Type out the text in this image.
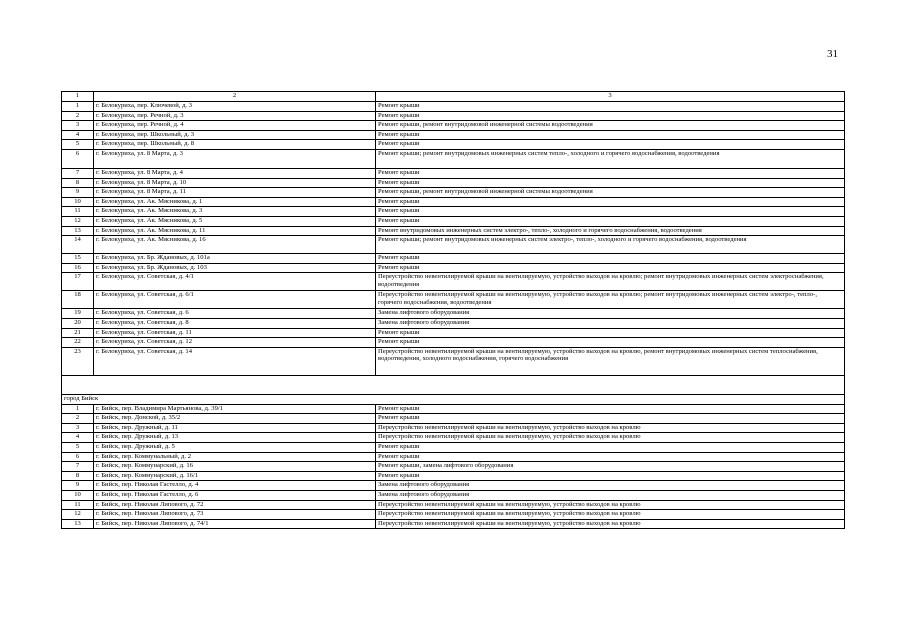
31
1	2	3
1	г. Белокуриха, пер. Ключевой, д. 3	Ремонт крыши
2	г. Белокуриха, пер. Речной, д. 3	Ремонт крыши
3	г. Белокуриха, пер. Речной, д. 4	Ремонт крыши, ремонт внутридомовой инженерной системы водоотведения
4	г. Белокуриха, пер. Школьный, д. 3	Ремонт крыши
5	г. Белокуриха, пер. Школьный, д. 8	Ремонт крыши
6	г. Белокуриха, ул. 8 Марта, д. 3	Ремонт крыши; ремонт внутридомовых инженерных систем тепло-, холодного и горячего водоснабжения, водоотведения
7	г. Белокуриха, ул. 8 Марта, д. 4	Ремонт крыши
8	г. Белокуриха, ул. 8 Марта, д. 10	Ремонт крыши
9	г. Белокуриха, ул. 8 Марта, д. 11	Ремонт крыши, ремонт внутридомовой инженерной системы водоотведения
10	г. Белокуриха, ул. Ак. Мясникова, д. 1	Ремонт крыши
11	г. Белокуриха, ул. Ак. Мясникова, д. 3	Ремонт крыши
12	г. Белокуриха, ул. Ак. Мясникова, д. 5	Ремонт крыши
13	г. Белокуриха, ул. Ак. Мясникова, д. 11	Ремонт внутридомовых инженерных систем электро-, тепло-, холодного и горячего водоснабжения, водоотведения
14	г. Белокуриха, ул. Ак. Мясникова, д. 16	Ремонт крыши; ремонт внутридомовых инженерных систем электро-, тепло-, холодного и горячего водоснабжения, водоотведения
15	г. Белокуриха, ул. Бр. Ждановых, д. 101а	Ремонт крыши
16	г. Белокуриха, ул. Бр. Ждановых, д. 103	Ремонт крыши
17	г. Белокуриха, ул. Советская, д. 4/1	Переустройство невентилируемой крыши на вентилируемую, устройство выходов на кровлю; ремонт внутридомовых инженерных систем электроснабжения, водоотведения
18	г. Белокуриха, ул. Советская, д. 6/1	Переустройство невентилируемой крыши на вентилируемую, устройство выходов на кровлю; ремонт внутридомовых инженерных систем электро-, тепло-, горячего водоснабжения, водоотведения
19	г. Белокуриха, ул. Советская, д. 6	Замена лифтового оборудования
20	г. Белокуриха, ул. Советская, д. 8	Замена лифтового оборудования
21	г. Белокуриха, ул. Советская, д. 11	Ремонт крыши
22	г. Белокуриха, ул. Советская, д. 12	Ремонт крыши
23	г. Белокуриха, ул. Советская, д. 14	Переустройство невентилируемой крыши на вентилируемую, устройство выходов на кровлю, ремонт внутридомовых инженерных систем теплоснабжения, водоотведения, холодного водоснабжения, горячего водоснабжения

город Бийск		
1	г. Бийск, пер. Владимира Мартьянова, д. 39/1	Ремонт крыши
2	г. Бийск, пер. Донской, д. 35/2	Ремонт крыши
3	г. Бийск, пер. Дружный, д. 11	Переустройство невентилируемой крыши на вентилируемую, устройство выходов на кровлю
4	г. Бийск, пер. Дружный, д. 13	Переустройство невентилируемой крыши на вентилируемую, устройство выходов на кровлю
5	г. Бийск, пер. Дружный, д. 5	Ремонт крыши
6	г. Бийск, пер. Коммунальный, д. 2	Ремонт крыши
7	г. Бийск, пер. Коммунарский, д. 16	Ремонт крыши, замена лифтового оборудования
8	г. Бийск, пер. Коммунарский, д. 16/1	Ремонт крыши
9	г. Бийск, пер. Николая Гастелло, д. 4	Замена лифтового оборудования
10	г. Бийск, пер. Николая Гастелло, д. 6	Замена лифтового оборудования
11	г. Бийск, пер. Николая Липового, д. 72	Переустройство невентилируемой крыши на вентилируемую, устройство выходов на кровлю
12	г. Бийск, пер. Николая Липового, д. 73	Переустройство невентилируемой крыши на вентилируемую, устройство выходов на кровлю
13	г. Бийск, пер. Николая Липового, д. 74/1	Переустройство невентилируемой крыши на вентилируемую, устройство выходов на кровлю
